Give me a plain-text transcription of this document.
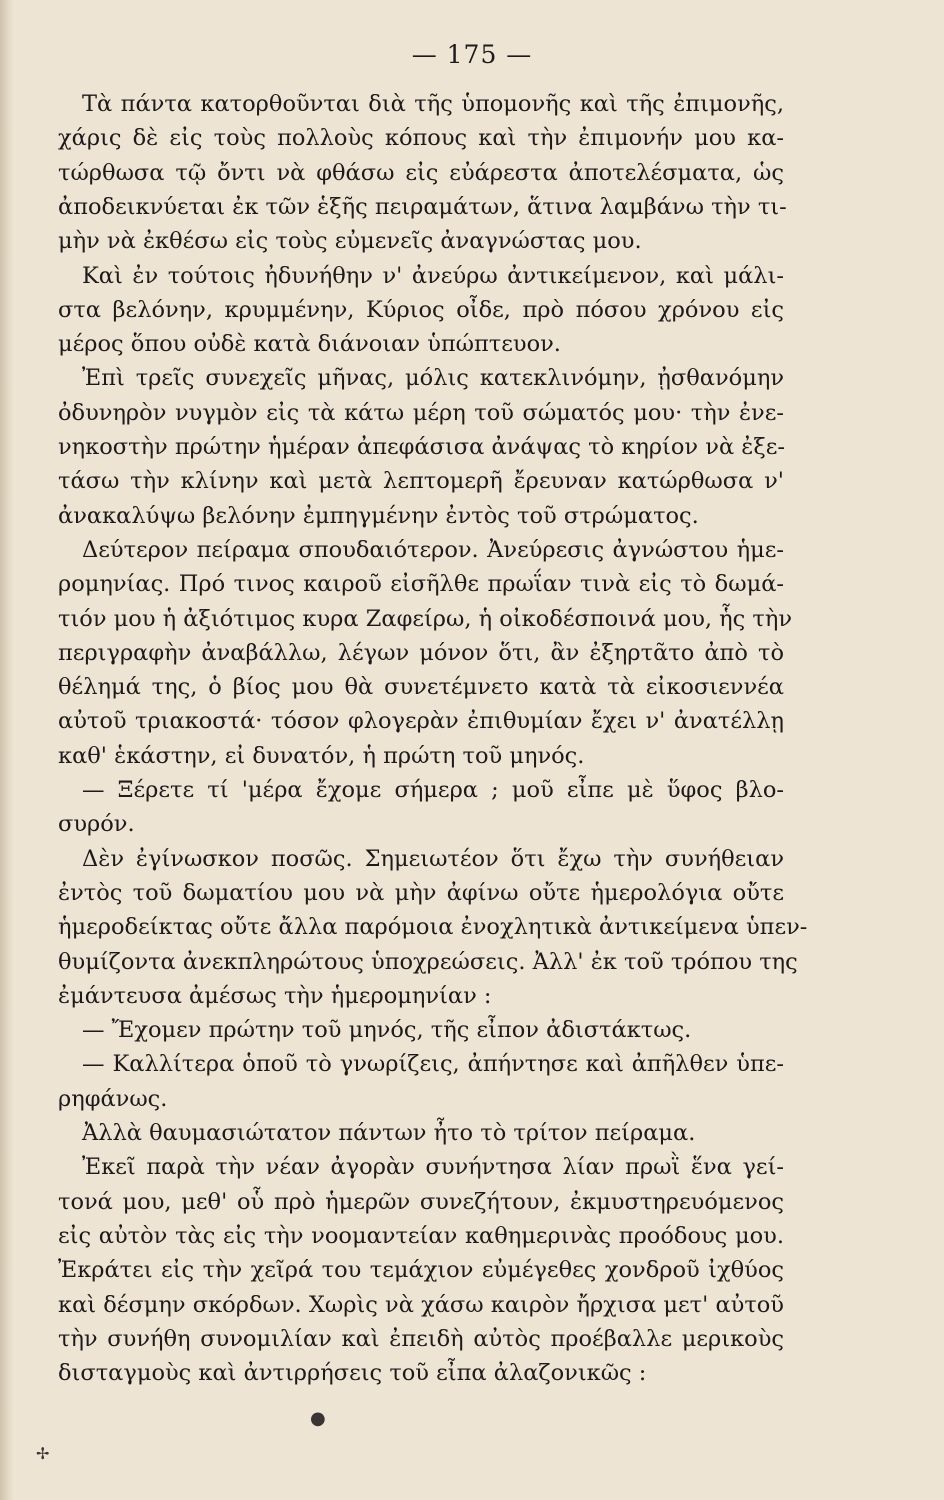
— 175 —
Τὰ πάντα κατορθοῦνται διὰ τῆς ὑπομονῆς καὶ τῆς ἐπιμονῆς,
χάρις δὲ εἰς τοὺς πολλοὺς κόπους καὶ τὴν ἐπιμονήν μου κα-
τώρθωσα τῷ ὄντι νὰ φθάσω εἰς εὐάρεστα ἀποτελέσματα, ὡς
ἀποδεικνύεται ἐκ τῶν ἑξῆς πειραμάτων, ἅτινα λαμβάνω τὴν τι-
μὴν νὰ ἐκθέσω εἰς τοὺς εὐμενεῖς ἀναγνώστας μου.
Καὶ ἐν τούτοις ἠδυνήθην ν' ἀνεύρω ἀντικείμενον, καὶ μάλι-
στα βελόνην, κρυμμένην, Κύριος οἶδε, πρὸ πόσου χρόνου εἰς
μέρος ὅπου οὐδὲ κατὰ διάνοιαν ὑπώπτευον.
Ἐπὶ τρεῖς συνεχεῖς μῆνας, μόλις κατεκλινόμην, ᾐσθανόμην
ὀδυνηρὸν νυγμὸν εἰς τὰ κάτω μέρη τοῦ σώματός μου· τὴν ἐνε-
νηκοστὴν πρώτην ἡμέραν ἀπεφάσισα ἀνάψας τὸ κηρίον νὰ ἐξε-
τάσω τὴν κλίνην καὶ μετὰ λεπτομερῆ ἔρευναν κατώρθωσα ν'
ἀνακαλύψω βελόνην ἐμπηγμένην ἐντὸς τοῦ στρώματος.
Δεύτερον πείραμα σπουδαιότερον. Ἀνεύρεσις ἀγνώστου ἡμε-
ρομηνίας. Πρό τινος καιροῦ εἰσῆλθε πρωΐαν τινὰ εἰς τὸ δωμά-
τιόν μου ἡ ἀξιότιμος κυρα Ζαφείρω, ἡ οἰκοδέσποινά μου, ἧς τὴν
περιγραφὴν ἀναβάλλω, λέγων μόνον ὅτι, ἂν ἐξηρτᾶτο ἀπὸ τὸ
θέλημά της, ὁ βίος μου θὰ συνετέμνετο κατὰ τὰ εἰκοσιεννέα
αὐτοῦ τριακοστά· τόσον φλογερὰν ἐπιθυμίαν ἔχει ν' ἀνατέλλῃ
καθ' ἑκάστην, εἰ δυνατόν, ἡ πρώτη τοῦ μηνός.
— Ξέρετε τί 'μέρα ἔχομε σήμερα ; μοῦ εἶπε μὲ ὕφος βλο-
συρόν.
Δὲν ἐγίνωσκον ποσῶς. Σημειωτέον ὅτι ἔχω τὴν συνήθειαν
ἐντὸς τοῦ δωματίου μου νὰ μὴν ἀφίνω οὔτε ἡμερολόγια οὔτε
ἡμεροδείκτας οὔτε ἄλλα παρόμοια ἐνοχλητικὰ ἀντικείμενα ὑπεν-
θυμίζοντα ἀνεκπληρώτους ὑποχρεώσεις. Ἀλλ' ἐκ τοῦ τρόπου της
ἐμάντευσα ἀμέσως τὴν ἡμερομηνίαν :
— Ἔχομεν πρώτην τοῦ μηνός, τῆς εἶπον ἀδιστάκτως.
— Καλλίτερα ὁποῦ τὸ γνωρίζεις, ἀπήντησε καὶ ἀπῆλθεν ὑπε-
ρηφάνως.
Ἀλλὰ θαυμασιώτατον πάντων ἦτο τὸ τρίτον πείραμα.
Ἐκεῖ παρὰ τὴν νέαν ἀγορὰν συνήντησα λίαν πρωῒ ἕνα γεί-
τονά μου, μεθ' οὗ πρὸ ἡμερῶν συνεζήτουν, ἐκμυστηρευόμενος
εἰς αὐτὸν τὰς εἰς τὴν νοομαντείαν καθημερινὰς προόδους μου.
Ἐκράτει εἰς τὴν χεῖρά του τεμάχιον εὐμέγεθες χονδροῦ ἰχθύος
καὶ δέσμην σκόρδων. Χωρὶς νὰ χάσω καιρὸν ἤρχισα μετ' αὐτοῦ
τὴν συνήθη συνομιλίαν καὶ ἐπειδὴ αὐτὸς προέβαλλε μερικοὺς
δισταγμοὺς καὶ ἀντιρρήσεις τοῦ εἶπα ἀλαζονικῶς :
●
✢
